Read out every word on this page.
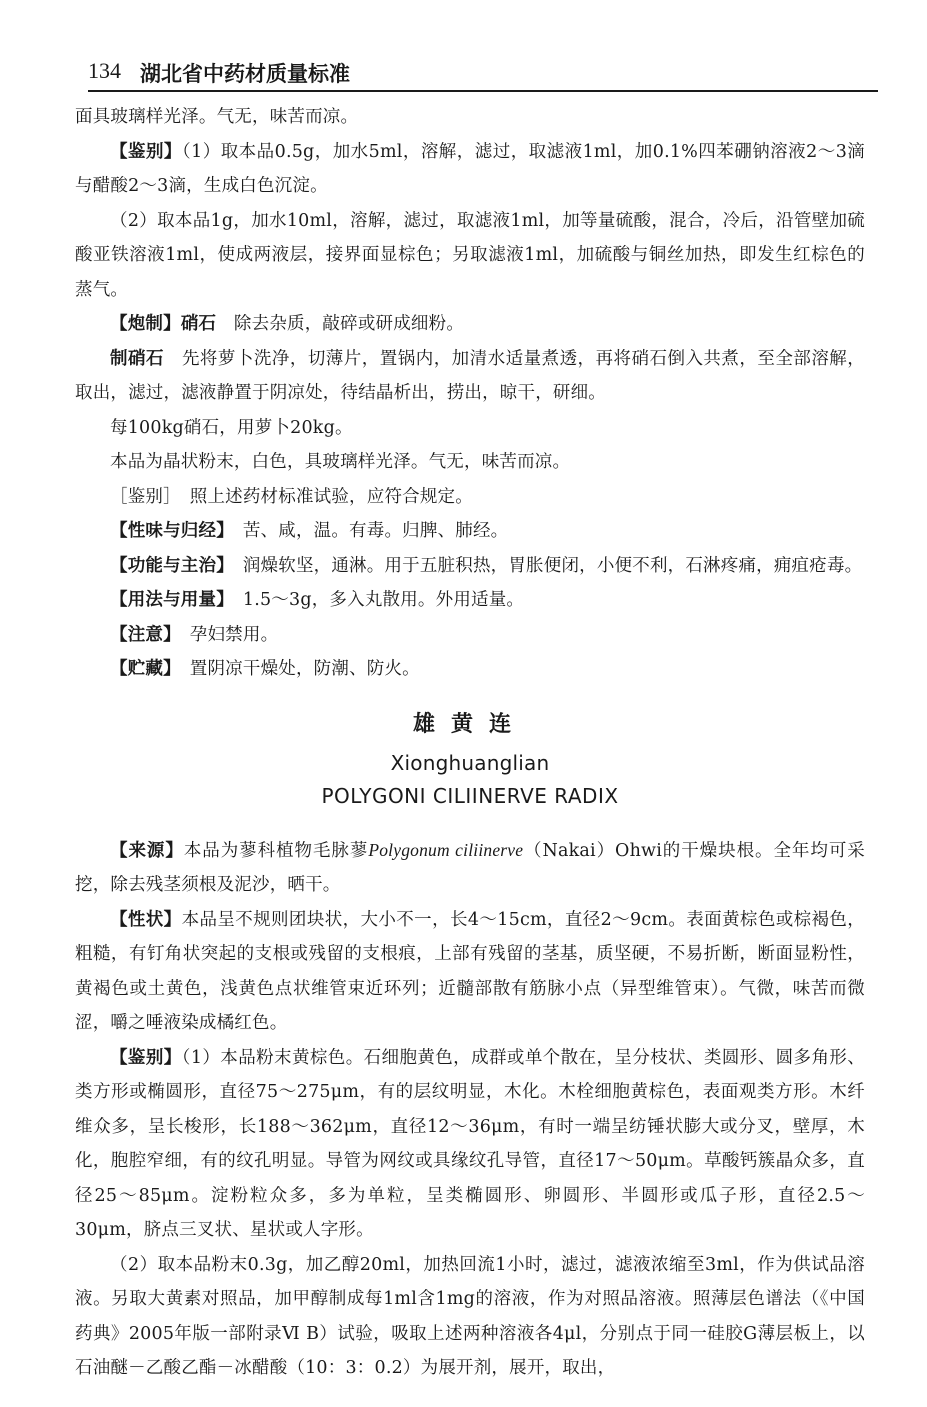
134 湖北省中药材质量标准

面具玻璃样光泽。气无，味苦而凉。

【鉴别】（1）取本品0.5g，加水5ml，溶解，滤过，取滤液1ml，加0.1%四苯硼钠溶液2～3滴与醋酸2～3滴，生成白色沉淀。

（2）取本品1g，加水10ml，溶解，滤过，取滤液1ml，加等量硫酸，混合，冷后，沿管壁加硫酸亚铁溶液1ml，使成两液层，接界面显棕色；另取滤液1ml，加硫酸与铜丝加热，即发生红棕色的蒸气。

【炮制】硝石　 除去杂质，敲碎或研成细粉。

制硝石　 先将萝卜洗净，切薄片，置锅内，加清水适量煮透，再将硝石倒入共煮，至全部溶解，取出，滤过，滤液静置于阴凉处，待结晶析出，捞出，晾干，研细。

每100kg硝石，用萝卜20kg。

本品为晶状粉末，白色，具玻璃样光泽。气无，味苦而凉。

［鉴别］　照上述药材标准试验，应符合规定。

【性味与归经】　 苦、咸，温。有毒。归脾、肺经。

【功能与主治】　 润燥软坚，通淋。用于五脏积热，胃胀便闭，小便不利，石淋疼痛，痈疽疮毒。

【用法与用量】　 1.5～3g，多入丸散用。外用适量。

【注意】　 孕妇禁用。

【贮藏】　 置阴凉干燥处，防潮、防火。

雄黄连

Xionghuanglian

POLYGONI CILIINERVE RADIX

【来源】本品为蓼科植物毛脉蓼Polygonum ciliinerve（Nakai）Ohwi的干燥块根。全年均可采挖，除去残茎须根及泥沙，晒干。

【性状】本品呈不规则团块状，大小不一，长4～15cm，直径2～9cm。表面黄棕色或棕褐色，粗糙，有钉角状突起的支根或残留的支根痕，上部有残留的茎基，质坚硬，不易折断，断面显粉性，黄褐色或土黄色，浅黄色点状维管束近环列；近髓部散有筋脉小点（异型维管束）。气微，味苦而微涩，嚼之唾液染成橘红色。

【鉴别】（1）本品粉末黄棕色。石细胞黄色，成群或单个散在，呈分枝状、类圆形、圆多角形、类方形或椭圆形，直径75～275μm，有的层纹明显，木化。木栓细胞黄棕色，表面观类方形。木纤维众多，呈长梭形，长188～362μm，直径12～36μm，有时一端呈纺锤状膨大或分叉，壁厚，木化，胞腔窄细，有的纹孔明显。导管为网纹或具缘纹孔导管，直径17～50μm。草酸钙簇晶众多，直径25～85μm。淀粉粒众多，多为单粒，呈类椭圆形、卵圆形、半圆形或瓜子形，直径2.5～30μm，脐点三叉状、星状或人字形。

（2）取本品粉末0.3g，加乙醇20ml，加热回流1小时，滤过，滤液浓缩至3ml，作为供试品溶液。另取大黄素对照品，加甲醇制成每1ml含1mg的溶液，作为对照品溶液。照薄层色谱法（《中国药典》2005年版一部附录Ⅵ B）试验，吸取上述两种溶液各4μl，分别点于同一硅胶G薄层板上，以石油醚－乙酸乙酯－冰醋酸（10：3：0.2）为展开剂，展开，取出，
